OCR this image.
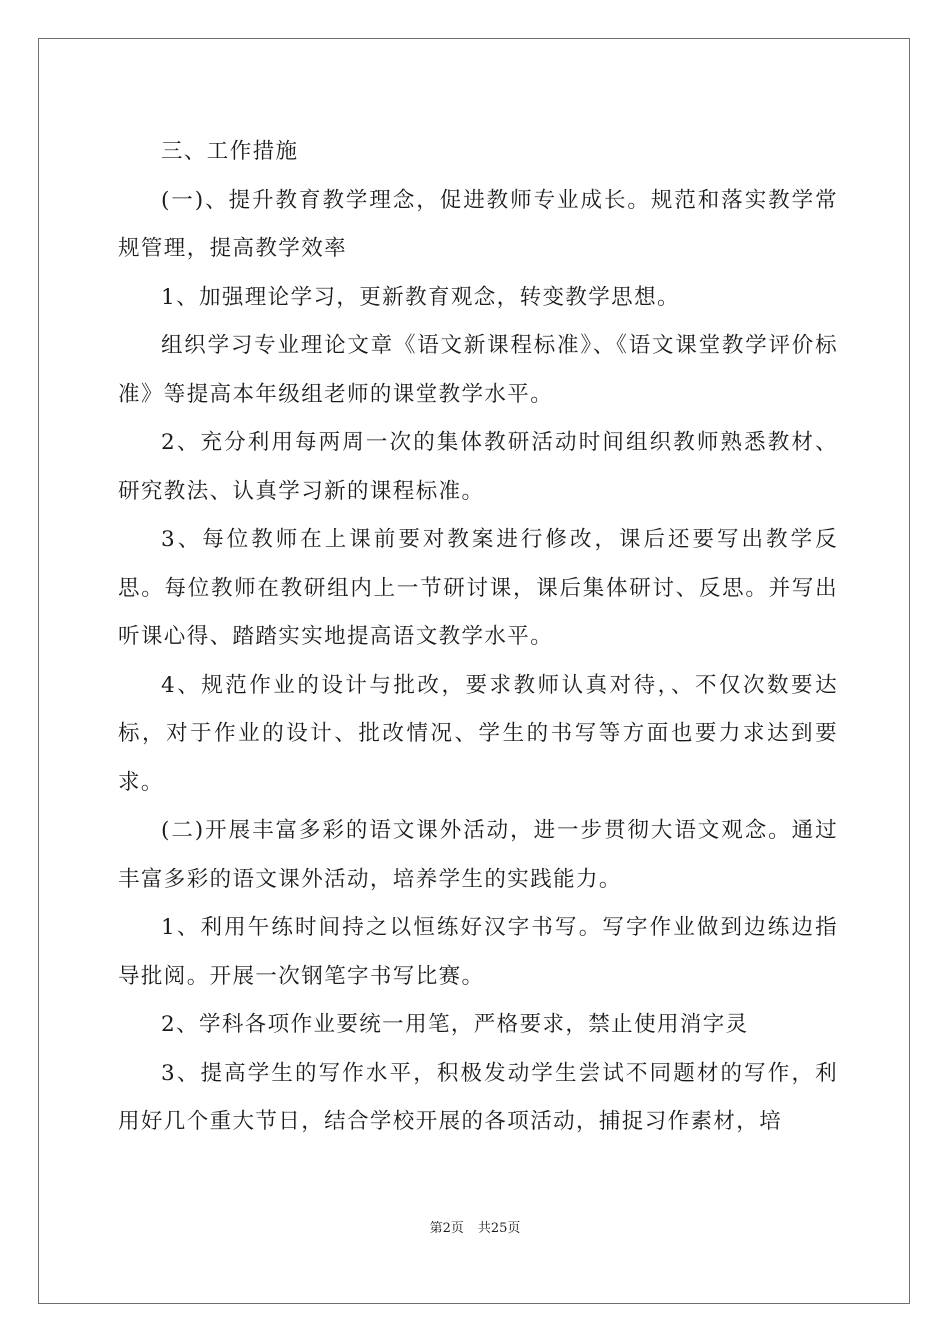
三、工作措施

(一)、提升教育教学理念，促进教师专业成长。规范和落实教学常规管理，提高教学效率

1、加强理论学习，更新教育观念，转变教学思想。

组织学习专业理论文章《语文新课程标准》、《语文课堂教学评价标准》等提高本年级组老师的课堂教学水平。

2、充分利用每两周一次的集体教研活动时间组织教师熟悉教材、研究教法、认真学习新的课程标准。

3、每位教师在上课前要对教案进行修改，课后还要写出教学反思。每位教师在教研组内上一节研讨课，课后集体研讨、反思。并写出听课心得、踏踏实实地提高语文教学水平。

4、规范作业的设计与批改，要求教师认真对待，、不仅次数要达标，对于作业的设计、批改情况、学生的书写等方面也要力求达到要求。

(二)开展丰富多彩的语文课外活动，进一步贯彻大语文观念。通过丰富多彩的语文课外活动，培养学生的实践能力。

1、利用午练时间持之以恒练好汉字书写。写字作业做到边练边指导批阅。开展一次钢笔字书写比赛。

2、学科各项作业要统一用笔，严格要求，禁止使用消字灵

3、提高学生的写作水平，积极发动学生尝试不同题材的写作，利用好几个重大节日，结合学校开展的各项活动，捕捉习作素材，培

第2页 共25页
